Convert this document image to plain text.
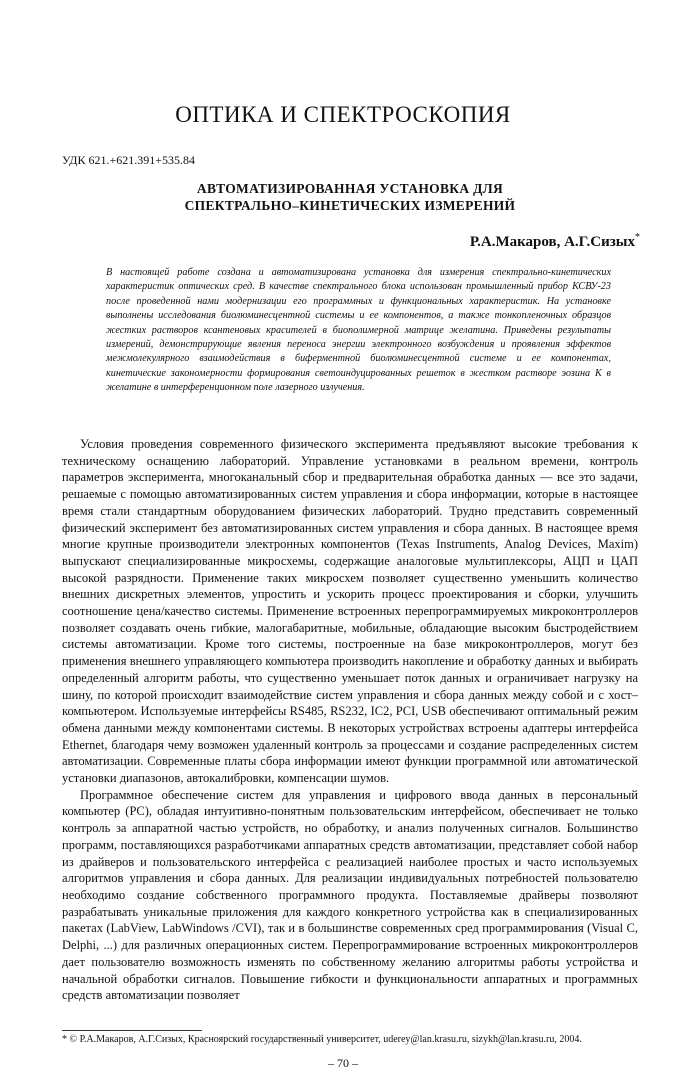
ОПТИКА И СПЕКТРОСКОПИЯ
УДК 621.+621.391+535.84
АВТОМАТИЗИРОВАННАЯ УСТАНОВКА ДЛЯ
СПЕКТРАЛЬНО–КИНЕТИЧЕСКИХ ИЗМЕРЕНИЙ
Р.А.Макаров, А.Г.Сизых*
В настоящей работе создана и автоматизирована установка для измерения спектрально-кинетических характеристик оптических сред. В качестве спектрального блока использован промышленный прибор КСВУ-23 после проведенной нами модернизации его программных и функциональных характеристик. На установке выполнены исследования биолюминесцентной системы и ее компонентов, а также тонкопленочных образцов жестких растворов ксантеновых красителей в биополимерной матрице желатина. Приведены результаты измерений, демонстрирующие явления переноса энергии электронного возбуждения и проявления эффектов межмолекулярного взаимодействия в биферментной биолюминесцентной системе и ее компонентах, кинетические закономерности формирования светоиндуцированных решеток в жестком растворе эозина К в желатине в интерференционном поле лазерного излучения.

Условия проведения современного физического эксперимента предъявляют высокие требования к техническому оснащению лабораторий. Управление установками в реальном времени, контроль параметров эксперимента, многоканальный сбор и предварительная обработка данных — все это задачи, решаемые с помощью автоматизированных систем управления и сбора информации, которые в настоящее время стали стандартным оборудованием физических лабораторий. Трудно представить современный физический эксперимент без автоматизированных систем управления и сбора данных. В настоящее время многие крупные производители электронных компонентов (Texas Instruments, Analog Devices, Maxim) выпускают специализированные микросхемы, содержащие аналоговые мультиплексоры, АЦП и ЦАП высокой разрядности. Применение таких микросхем позволяет существенно уменьшить количество внешних дискретных элементов, упростить и ускорить процесс проектирования и сборки, улучшить соотношение цена/качество системы. Применение встроенных перепрограммируемых микроконтроллеров позволяет создавать очень гибкие, малогабаритные, мобильные, обладающие высоким быстродействием системы автоматизации. Кроме того системы, построенные на базе микроконтроллеров, могут без применения внешнего управляющего компьютера производить накопление и обработку данных и выбирать определенный алгоритм работы, что существенно уменьшает поток данных и ограничивает нагрузку на шину, по которой происходит взаимодействие систем управления и сбора данных между собой и с хост–компьютером. Используемые интерфейсы RS485, RS232, IC2, PCI, USB обеспечивают оптимальный режим обмена данными между компонентами системы. В некоторых устройствах встроены адаптеры интерфейса Ethernet, благодаря чему возможен удаленный контроль за процессами и создание распределенных систем автоматизации. Современные платы сбора информации имеют функции программной или автоматической установки диапазонов, автокалибровки, компенсации шумов.

Программное обеспечение систем для управления и цифрового ввода данных в персональный компьютер (PC), обладая интуитивно-понятным пользовательским интерфейсом, обеспечивает не только контроль за аппаратной частью устройств, но обработку, и анализ полученных сигналов. Большинство программ, поставляющихся разработчиками аппаратных средств автоматизации, представляет собой набор из драйверов и пользовательского интерфейса с реализацией наиболее простых и часто используемых алгоритмов управления и сбора данных. Для реализации индивидуальных потребностей пользователю необходимо создание собственного программного продукта. Поставляемые драйверы позволяют разрабатывать уникальные приложения для каждого конкретного устройства как в специализированных пакетах (LabView, LabWindows /CVI), так и в большинстве современных сред программирования (Visual C, Delphi, ...) для различных операционных систем. Перепрограммирование встроенных микроконтроллеров дает пользователю возможность изменять по собственному желанию алгоритмы работы устройства и начальной обработки сигналов. Повышение гибкости и функциональности аппаратных и программных средств автоматизации позволяет

* © Р.А.Макаров, А.Г.Сизых, Красноярский государственный университет, uderey@lan.krasu.ru, sizykh@lan.krasu.ru, 2004.
– 70 –
